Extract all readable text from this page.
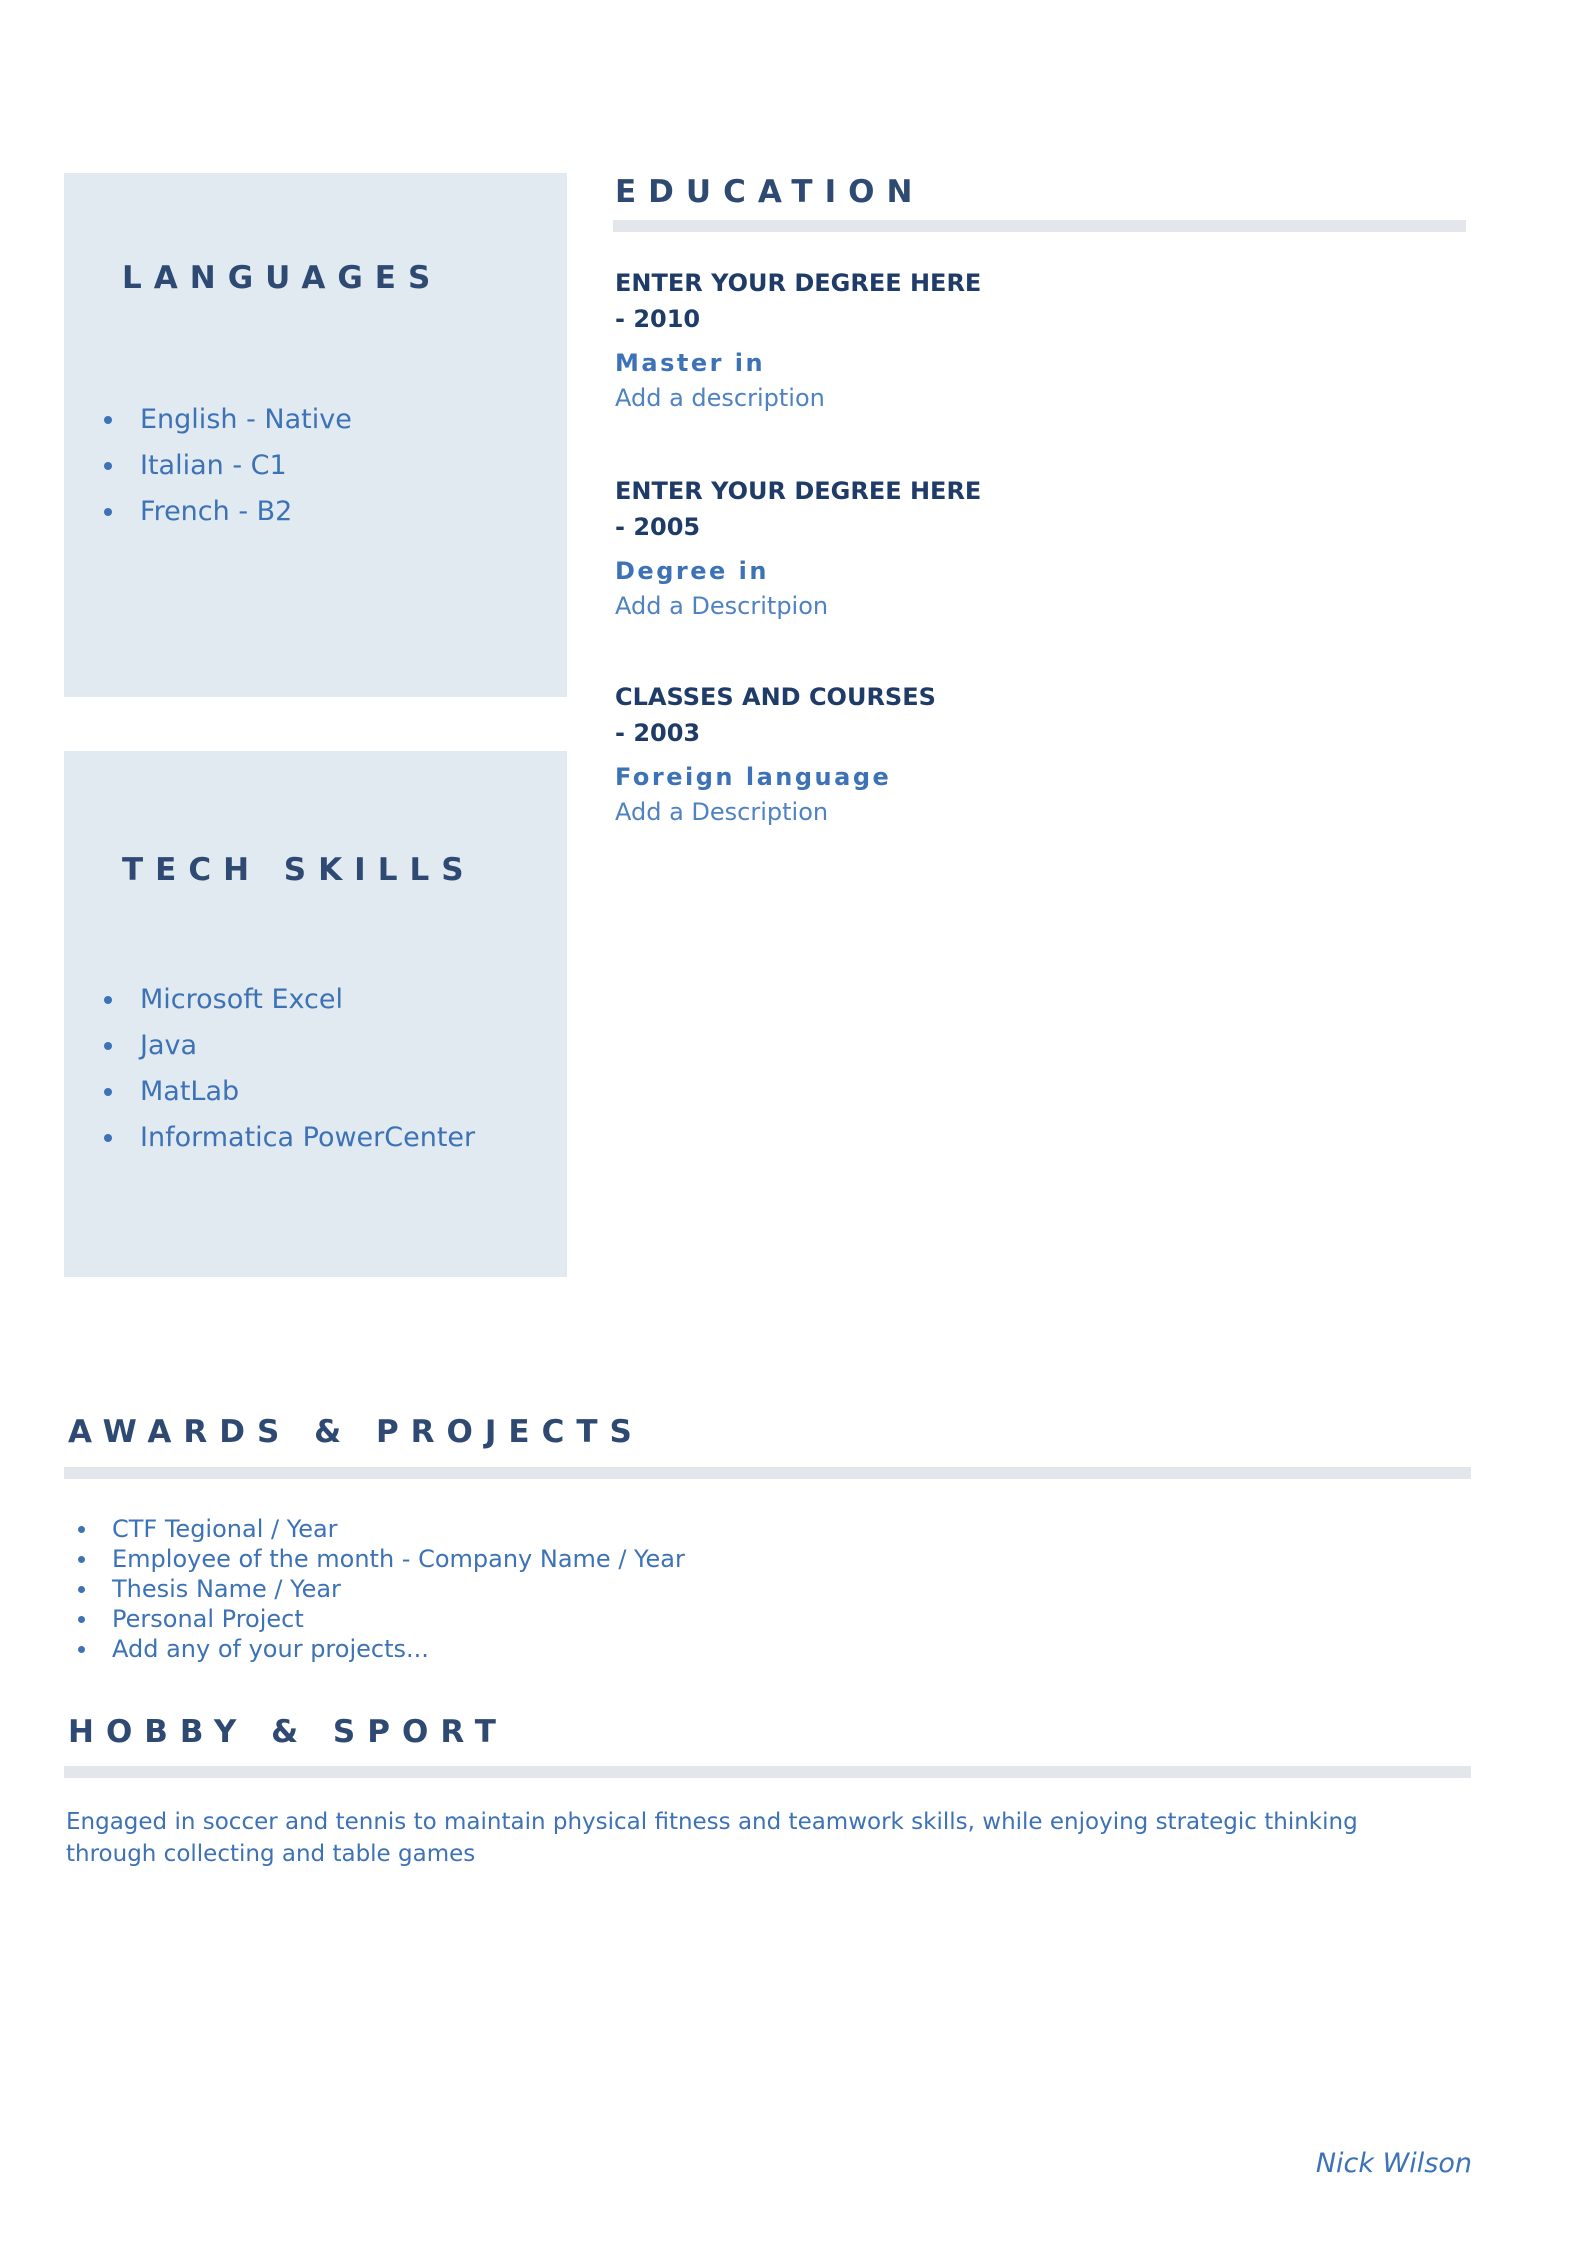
LANGUAGES
English - Native
Italian - C1
French - B2
TECH SKILLS
Microsoft Excel
Java
MatLab
Informatica PowerCenter
EDUCATION

ENTER YOUR DEGREE HERE

- 2010

Master in

Add a description

ENTER YOUR DEGREE HERE

- 2005

Degree in

Add a Descritpion

CLASSES AND COURSES

- 2003

Foreign language

Add a Description

AWARDS & PROJECTS
CTF Tegional / Year
Employee of the month - Company Name / Year
Thesis Name / Year
Personal Project
Add any of your projects...
HOBBY & SPORT

Engaged in soccer and tennis to maintain physical fitness and teamwork skills, while enjoying strategic thinking through collecting and table games

Nick Wilson
